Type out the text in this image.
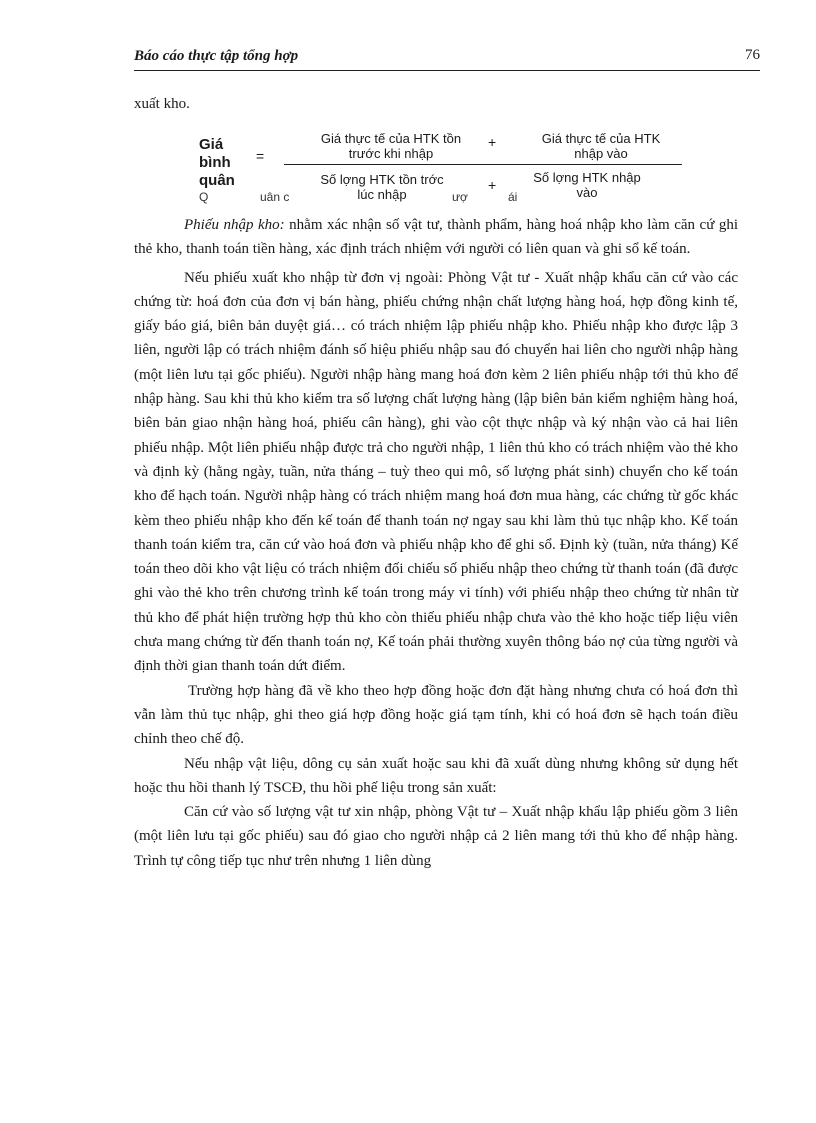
Báo cáo thực tập tổng hợp	76

xuất kho.

Giá
bình
quân
=
Giá thực tế của HTK tồn trước khi nhập
+	Giá thực tế của HTK nhập vào
Số lợng HTK tồn trớc lúc nhập
+	Số lợng HTK nhập vào
Q	uân c	ượ	ái

Phiếu nhập kho: nhằm xác nhận số vật tư, thành phẩm, hàng hoá nhập kho làm căn cứ ghi thẻ kho, thanh toán tiền hàng, xác định trách nhiệm với người có liên quan và ghi sổ kế toán.

Nếu phiếu xuất kho nhập từ đơn vị ngoài: Phòng Vật tư - Xuất nhập khẩu căn cứ vào các chứng từ: hoá đơn của đơn vị bán hàng, phiếu chứng nhận chất lượng hàng hoá, hợp đồng kinh tế, giấy báo giá, biên bản duyệt giá… có trách nhiệm lập phiếu nhập kho. Phiếu nhập kho được lập 3 liên, người lập có trách nhiệm đánh số hiệu phiếu nhập sau đó chuyển hai liên cho người nhập hàng (một liên lưu tại gốc phiếu). Người nhập hàng mang hoá đơn kèm 2 liên phiếu nhập tới thủ kho để nhập hàng. Sau khi thủ kho kiểm tra số lượng chất lượng hàng (lập biên bản kiểm nghiệm hàng hoá, biên bản giao nhận hàng hoá, phiếu cân hàng), ghi vào cột thực nhập và ký nhận vào cả hai liên phiếu nhập. Một liên phiếu nhập được trả cho người nhập, 1 liên thủ kho có trách nhiệm vào thẻ kho và định kỳ (hằng ngày, tuần, nửa tháng – tuỳ theo qui mô, số lượng phát sinh) chuyển cho kế toán kho để hạch toán. Người nhập hàng có trách nhiệm mang hoá đơn mua hàng, các chứng từ gốc khác kèm theo phiếu nhập kho đến kế toán để thanh toán nợ ngay sau khi làm thủ tục nhập kho. Kế toán thanh toán kiểm tra, căn cứ vào hoá đơn và phiếu nhập kho để ghi sổ. Định kỳ (tuần, nửa tháng) Kế toán theo dõi kho vật liệu có trách nhiệm đối chiếu số phiếu nhập theo chứng từ thanh toán (đã được ghi vào thẻ kho trên chương trình kế toán trong máy vi tính) với phiếu nhập theo chứng từ nhân từ thủ kho để phát hiện trường hợp thủ kho còn thiếu phiếu nhập chưa vào thẻ kho hoặc tiếp liệu viên chưa mang chứng từ đến thanh toán nợ, Kế toán phải thường xuyên thông báo nợ của từng người và định thời gian thanh toán dứt điểm.

Trường hợp hàng đã về kho theo hợp đồng hoặc đơn đặt hàng nhưng chưa có hoá đơn thì vẫn làm thủ tục nhập, ghi theo giá hợp đồng hoặc giá tạm tính, khi có hoá đơn sẽ hạch toán điều chỉnh theo chế độ.

Nếu nhập vật liệu, dông cụ sản xuất hoặc sau khi đã xuất dùng nhưng không sử dụng hết hoặc thu hồi thanh lý TSCĐ, thu hồi phế liệu trong sản xuất:

Căn cứ vào số lượng vật tư xin nhập, phòng Vật tư – Xuất nhập khẩu lập phiếu gồm 3 liên (một liên lưu tại gốc phiếu) sau đó giao cho người nhập cả 2 liên mang tới thủ kho để nhập hàng. Trình tự công tiếp tục như trên nhưng 1 liên dùng
